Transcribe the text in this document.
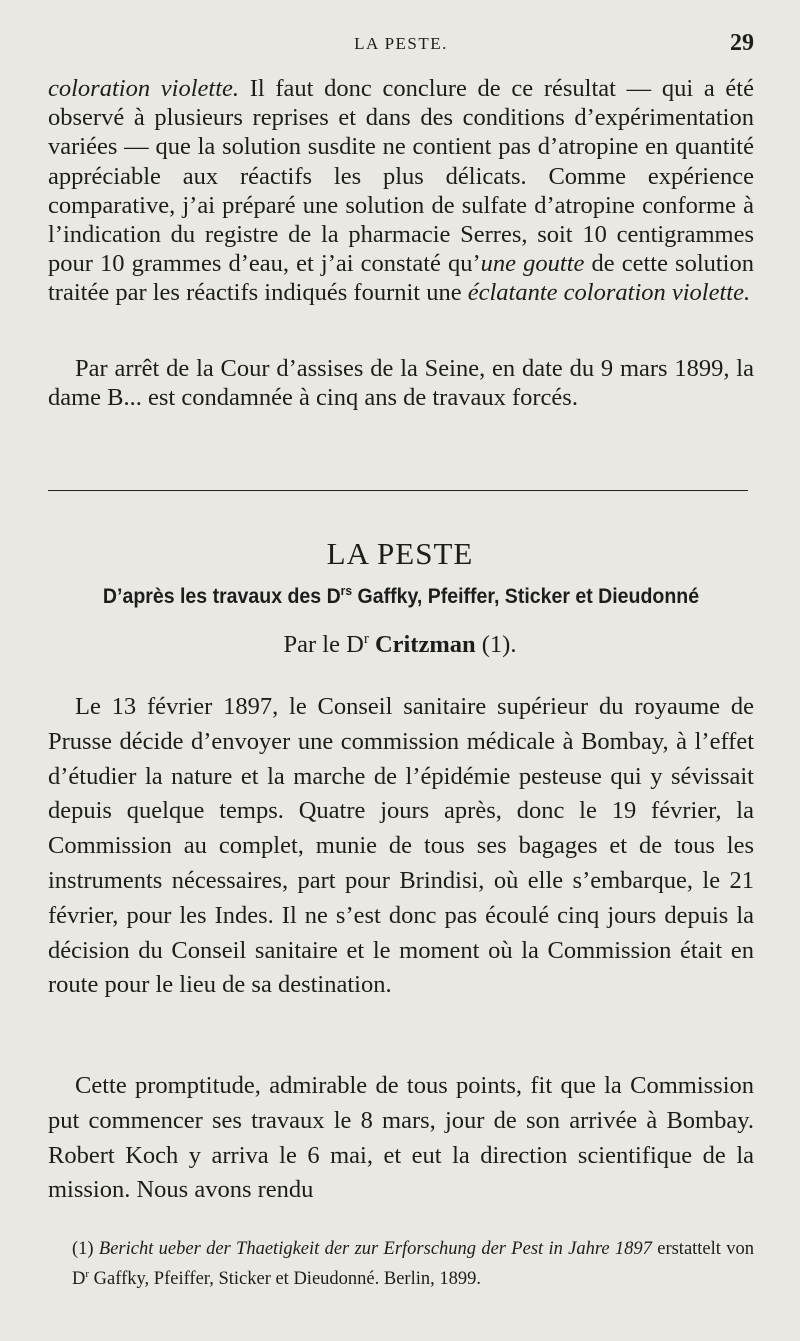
LA PESTE.	29

coloration violette. Il faut donc conclure de ce résultat — qui a été observé à plusieurs reprises et dans des conditions d’expérimentation variées — que la solution susdite ne contient pas d’atropine en quantité appréciable aux réactifs les plus délicats. Comme expérience comparative, j’ai préparé une solution de sulfate d’atropine conforme à l’indication du registre de la pharmacie Serres, soit 10 centigrammes pour 10 grammes d’eau, et j’ai constaté qu’une goutte de cette solution traitée par les réactifs indiqués fournit une éclatante coloration violette.

Par arrêt de la Cour d’assises de la Seine, en date du 9 mars 1899, la dame B... est condamnée à cinq ans de travaux forcés.

LA PESTE
D’après les travaux des $D^{rs}$ Gaffky, Pfeiffer, Sticker et Dieudonné
Par le $D^r$ Critzman (1).

Le 13 février 1897, le Conseil sanitaire supérieur du royaume de Prusse décide d’envoyer une commission médicale à Bombay, à l’effet d’étudier la nature et la marche de l’épidémie pesteuse qui y sévissait depuis quelque temps. Quatre jours après, donc le 19 février, la Commission au complet, munie de tous ses bagages et de tous les instruments nécessaires, part pour Brindisi, où elle s’embarque, le 21 février, pour les Indes. Il ne s’est donc pas écoulé cinq jours depuis la décision du Conseil sanitaire et le moment où la Commission était en route pour le lieu de sa destination.

Cette promptitude, admirable de tous points, fit que la Commission put commencer ses travaux le 8 mars, jour de son arrivée à Bombay. Robert Koch y arriva le 6 mai, et eut la direction scientifique de la mission. Nous avons rendu

(1) Bericht ueber der Thaetigkeit der zur Erforschung der Pest in Jahre 1897 erstattelt von $D^r$ Gaffky, Pfeiffer, Sticker et Dieudonné. Berlin, 1899.
